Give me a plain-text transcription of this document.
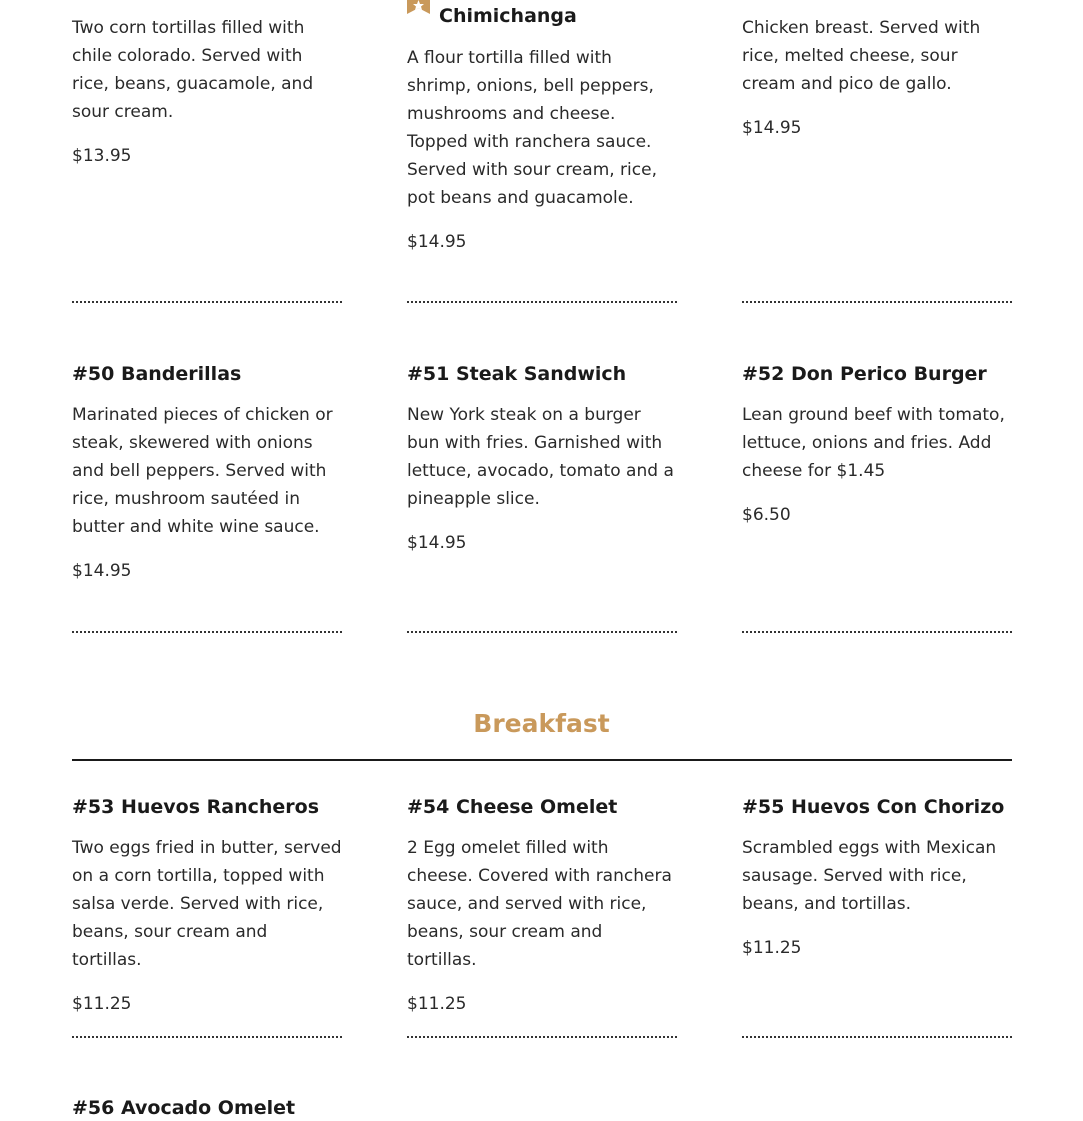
Two corn tortillas filled with chile colorado. Served with rice, beans, guacamole, and sour cream.

$13.95
Chimichanga

A flour tortilla filled with shrimp, onions, bell peppers, mushrooms and cheese. Topped with ranchera sauce. Served with sour cream, rice, pot beans and guacamole.

$14.95

Chicken breast. Served with rice, melted cheese, sour cream and pico de gallo.

$14.95
#50 Banderillas

Marinated pieces of chicken or steak, skewered with onions and bell peppers. Served with rice, mushroom sautéed in butter and white wine sauce.

$14.95
#51 Steak Sandwich

New York steak on a burger bun with fries. Garnished with lettuce, avocado, tomato and a pineapple slice.

$14.95
#52 Don Perico Burger

Lean ground beef with tomato, lettuce, onions and fries. Add cheese for $1.45

$6.50
Breakfast
#53 Huevos Rancheros

Two eggs fried in butter, served on a corn tortilla, topped with salsa verde. Served with rice, beans, sour cream and tortillas.

$11.25
#54 Cheese Omelet

2 Egg omelet filled with cheese. Covered with ranchera sauce, and served with rice, beans, sour cream and tortillas.

$11.25
#55 Huevos Con Chorizo

Scrambled eggs with Mexican sausage. Served with rice, beans, and tortillas.

$11.25
#56 Avocado Omelet
